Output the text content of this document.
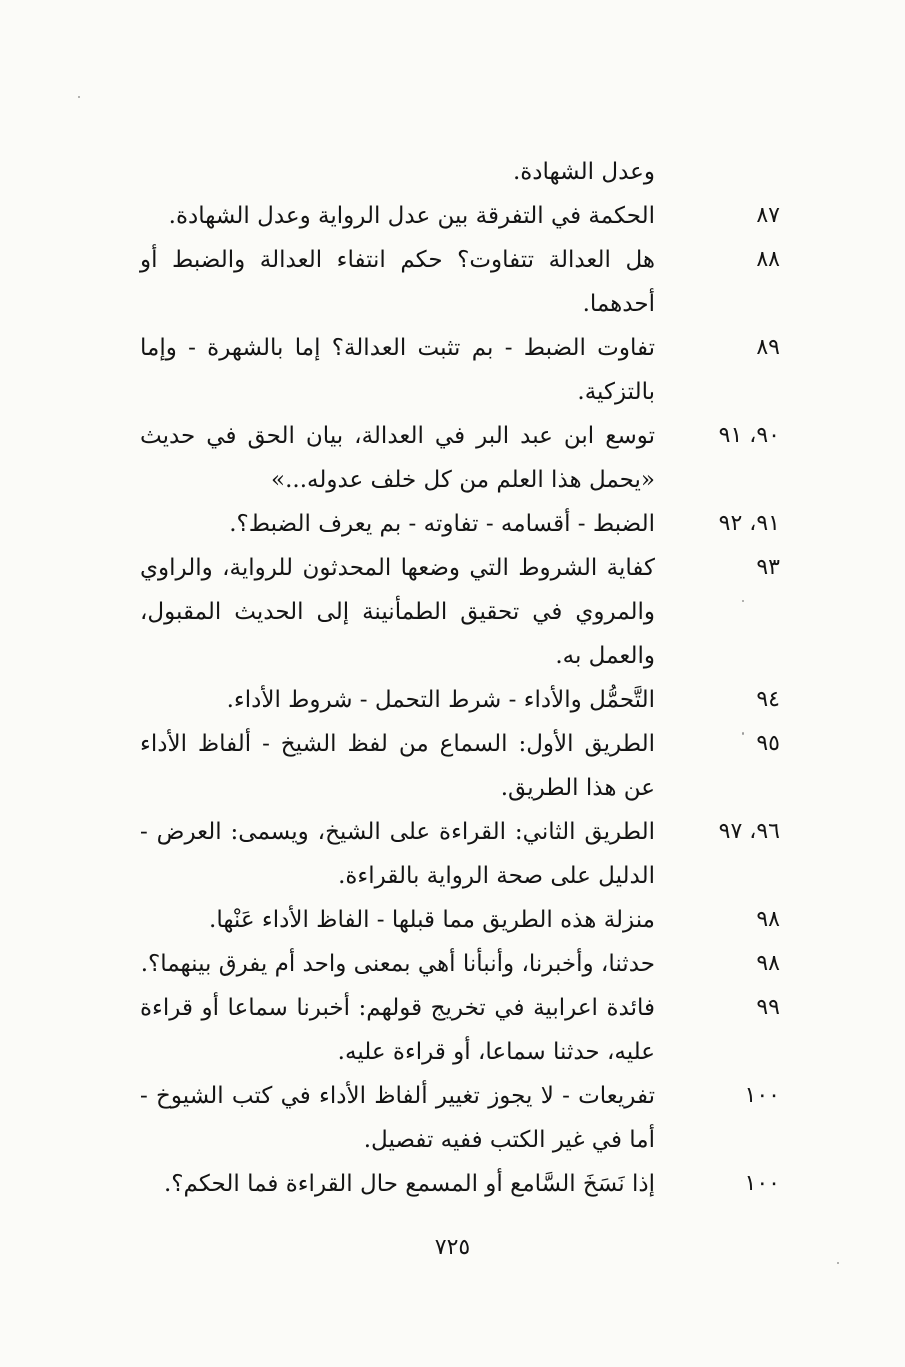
وعدل الشهادة.
٨٧
الحكمة في التفرقة بين عدل الرواية وعدل الشهادة.
٨٨
هل العدالة تتفاوت؟ حكم انتفاء العدالة والضبط أو أحدهما.
٨٩
تفاوت الضبط - بم تثبت العدالة؟ إما بالشهرة - وإما بالتزكية.
٩٠، ٩١
توسع ابن عبد البر في العدالة، بيان الحق في حديث «يحمل هذا العلم من كل خلف عدوله...»
٩١، ٩٢
الضبط - أقسامه - تفاوته - بم يعرف الضبط؟.
٩٣
كفاية الشروط التي وضعها المحدثون للرواية، والراوي والمروي في تحقيق الطمأنينة إلى الحديث المقبول، والعمل به.
٩٤
التَّحمُّل والأداء - شرط التحمل - شروط الأداء.
٩٥
الطريق الأول: السماع من لفظ الشيخ - ألفاظ الأداء عن هذا الطريق.
٩٦، ٩٧
الطريق الثاني: القراءة على الشيخ، ويسمى: العرض - الدليل على صحة الرواية بالقراءة.
٩٨
منزلة هذه الطريق مما قبلها - الفاظ الأداء عَنْها.
٩٨
حدثنا، وأخبرنا، وأنبأنا أهي بمعنى واحد أم يفرق بينهما؟.
٩٩
فائدة اعرابية في تخريج قولهم: أخبرنا سماعا أو قراءة عليه، حدثنا سماعا، أو قراءة عليه.
١٠٠
تفريعات - لا يجوز تغيير ألفاظ الأداء في كتب الشيوخ - أما في غير الكتب ففيه تفصيل.
١٠٠
إذا نَسَخَ السَّامع أو المسمع حال القراءة فما الحكم؟.
٧٢٥
